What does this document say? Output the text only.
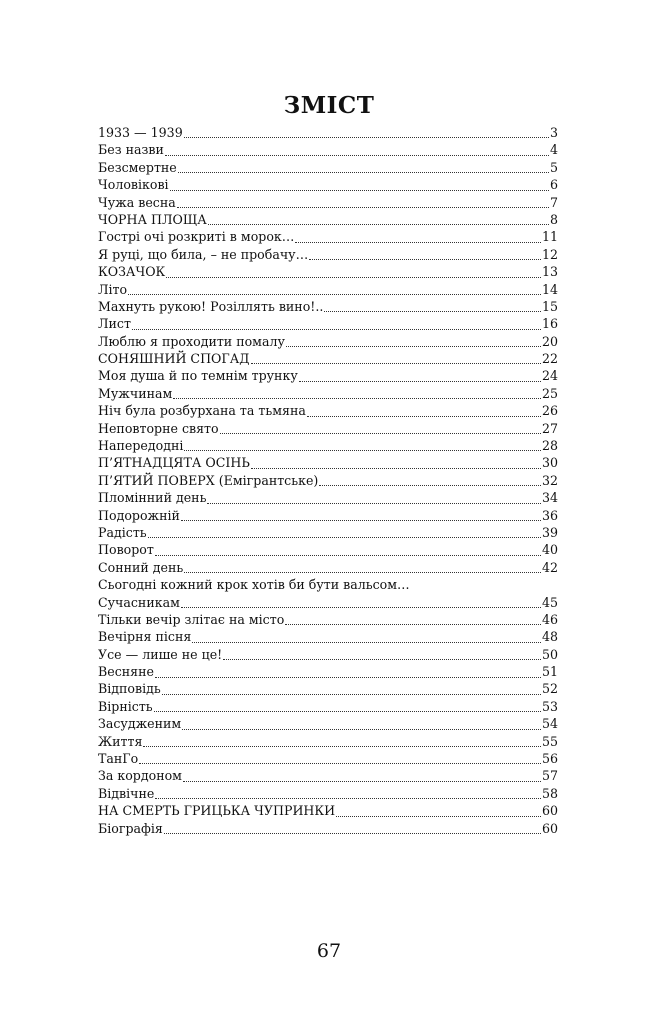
ЗМІСТ
1933 — 1939	3
Без назви	4
Безсмертне	5
Чоловікові	6
Чужа весна	7
ЧОРНА ПЛОЩА	8
Гострі очі розкриті в морок…	11
Я руці, що била, – не пробачу…	12
КОЗАЧОК	13
Літо	14
Махнуть рукою! Розіллять вино!..	15
Лист	16
Люблю я проходити помалу	20
СОНЯШНИЙ СПОГАД	22
Моя душа й по темнім трунку	24
Мужчинам	25
Ніч була розбурхана та тьмяна	26
Неповторне свято	27
Напередодні	28
П’ЯТНАДЦЯТА ОСІНЬ	30
П’ЯТИЙ ПОВЕРХ (Емігрантське)	32
Пломінний день	34
Подорожній	36
Радість	39
Поворот	40
Сонний день	42
Сьогодні кожний крок хотів би бути вальсом…
Сучасникам	45
Тільки вечір злітає на місто	46
Вечірня пісня	48
Усе — лише не це!	50
Весняне	51
Відповідь	52
Вірність	53
Засудженим	54
Життя	55
ТанГо	56
За кордоном	57
Відвічне	58
НА СМЕРТЬ ГРИЦЬКА ЧУПРИНКИ	60
Біографія	60
67
